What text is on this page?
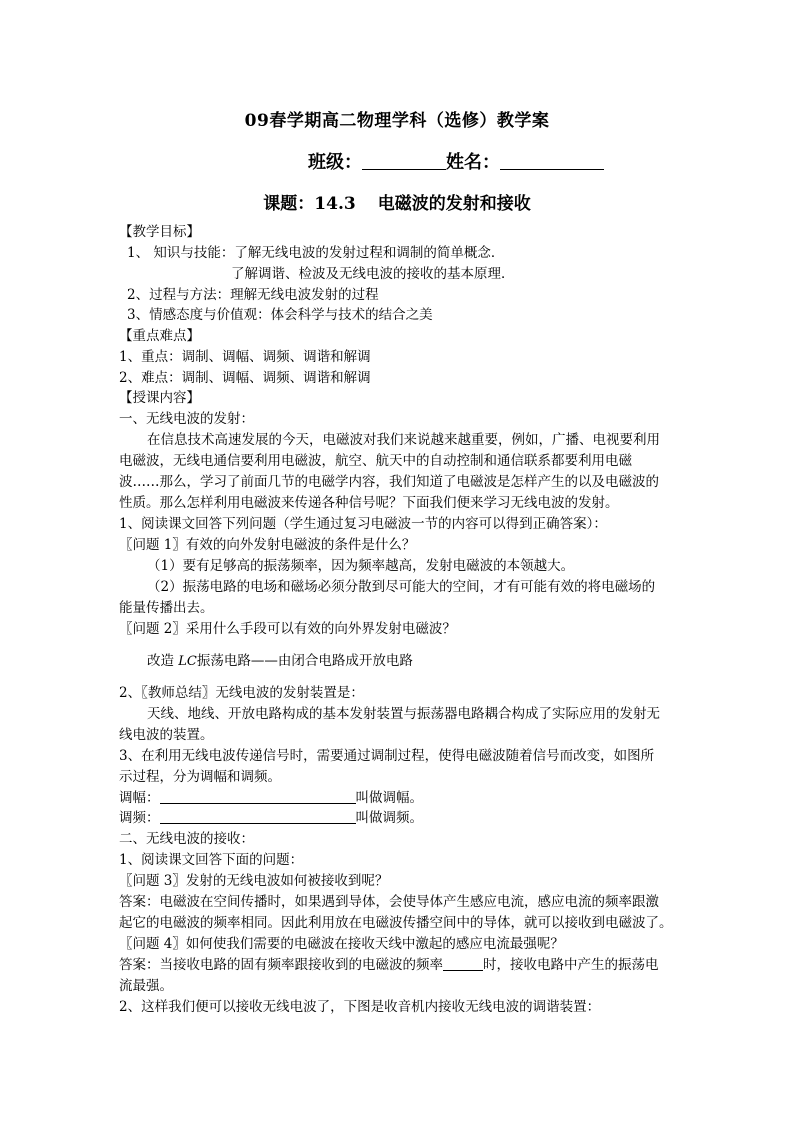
09春学期高二物理学科（选修）教学案
班级：	姓名：
课题：14.3 电磁波的发射和接收
【教学目标】
1、 知识与技能：了解无线电波的发射过程和调制的简单概念．
了解调谐、检波及无线电波的接收的基本原理．
2、过程与方法：理解无线电波发射的过程
3、情感态度与价值观：体会科学与技术的结合之美
【重点难点】
1、重点：调制、调幅、调频、调谐和解调
2、难点：调制、调幅、调频、调谐和解调
【授课内容】
一、无线电波的发射：
在信息技术高速发展的今天，电磁波对我们来说越来越重要，例如，广播、电视要利用
电磁波，无线电通信要利用电磁波，航空、航天中的自动控制和通信联系都要利用电磁
波……那么，学习了前面几节的电磁学内容，我们知道了电磁波是怎样产生的以及电磁波的
性质。那么怎样利用电磁波来传递各种信号呢？下面我们便来学习无线电波的发射。
1、阅读课文回答下列问题（学生通过复习电磁波一节的内容可以得到正确答案）：
〖问题 1〗有效的向外发射电磁波的条件是什么？
（1）要有足够高的振荡频率，因为频率越高，发射电磁波的本领越大。
（2）振荡电路的电场和磁场必须分散到尽可能大的空间，才有可能有效的将电磁场的
能量传播出去。
〖问题 2〗采用什么手段可以有效的向外界发射电磁波？
改造 LC振荡电路——由闭合电路成开放电路
2、〖教师总结〗无线电波的发射装置是：
天线、地线、开放电路构成的基本发射装置与振荡器电路耦合构成了实际应用的发射无
线电波的装置。
3、在利用无线电波传递信号时，需要通过调制过程，使得电磁波随着信号而改变，如图所
示过程，分为调幅和调频。
调幅：	叫做调幅。
调频：	叫做调频。
二、无线电波的接收：
1、阅读课文回答下面的问题：
〖问题 3〗发射的无线电波如何被接收到呢？
答案：电磁波在空间传播时，如果遇到导体，会使导体产生感应电流，感应电流的频率跟激
起它的电磁波的频率相同。因此利用放在电磁波传播空间中的导体，就可以接收到电磁波了。
〖问题 4〗如何使我们需要的电磁波在接收天线中激起的感应电流最强呢？
答案：当接收电路的固有频率跟接收到的电磁波的频率	时，接收电路中产生的振荡电
流最强。
2、这样我们便可以接收无线电波了，下图是收音机内接收无线电波的调谐装置：
